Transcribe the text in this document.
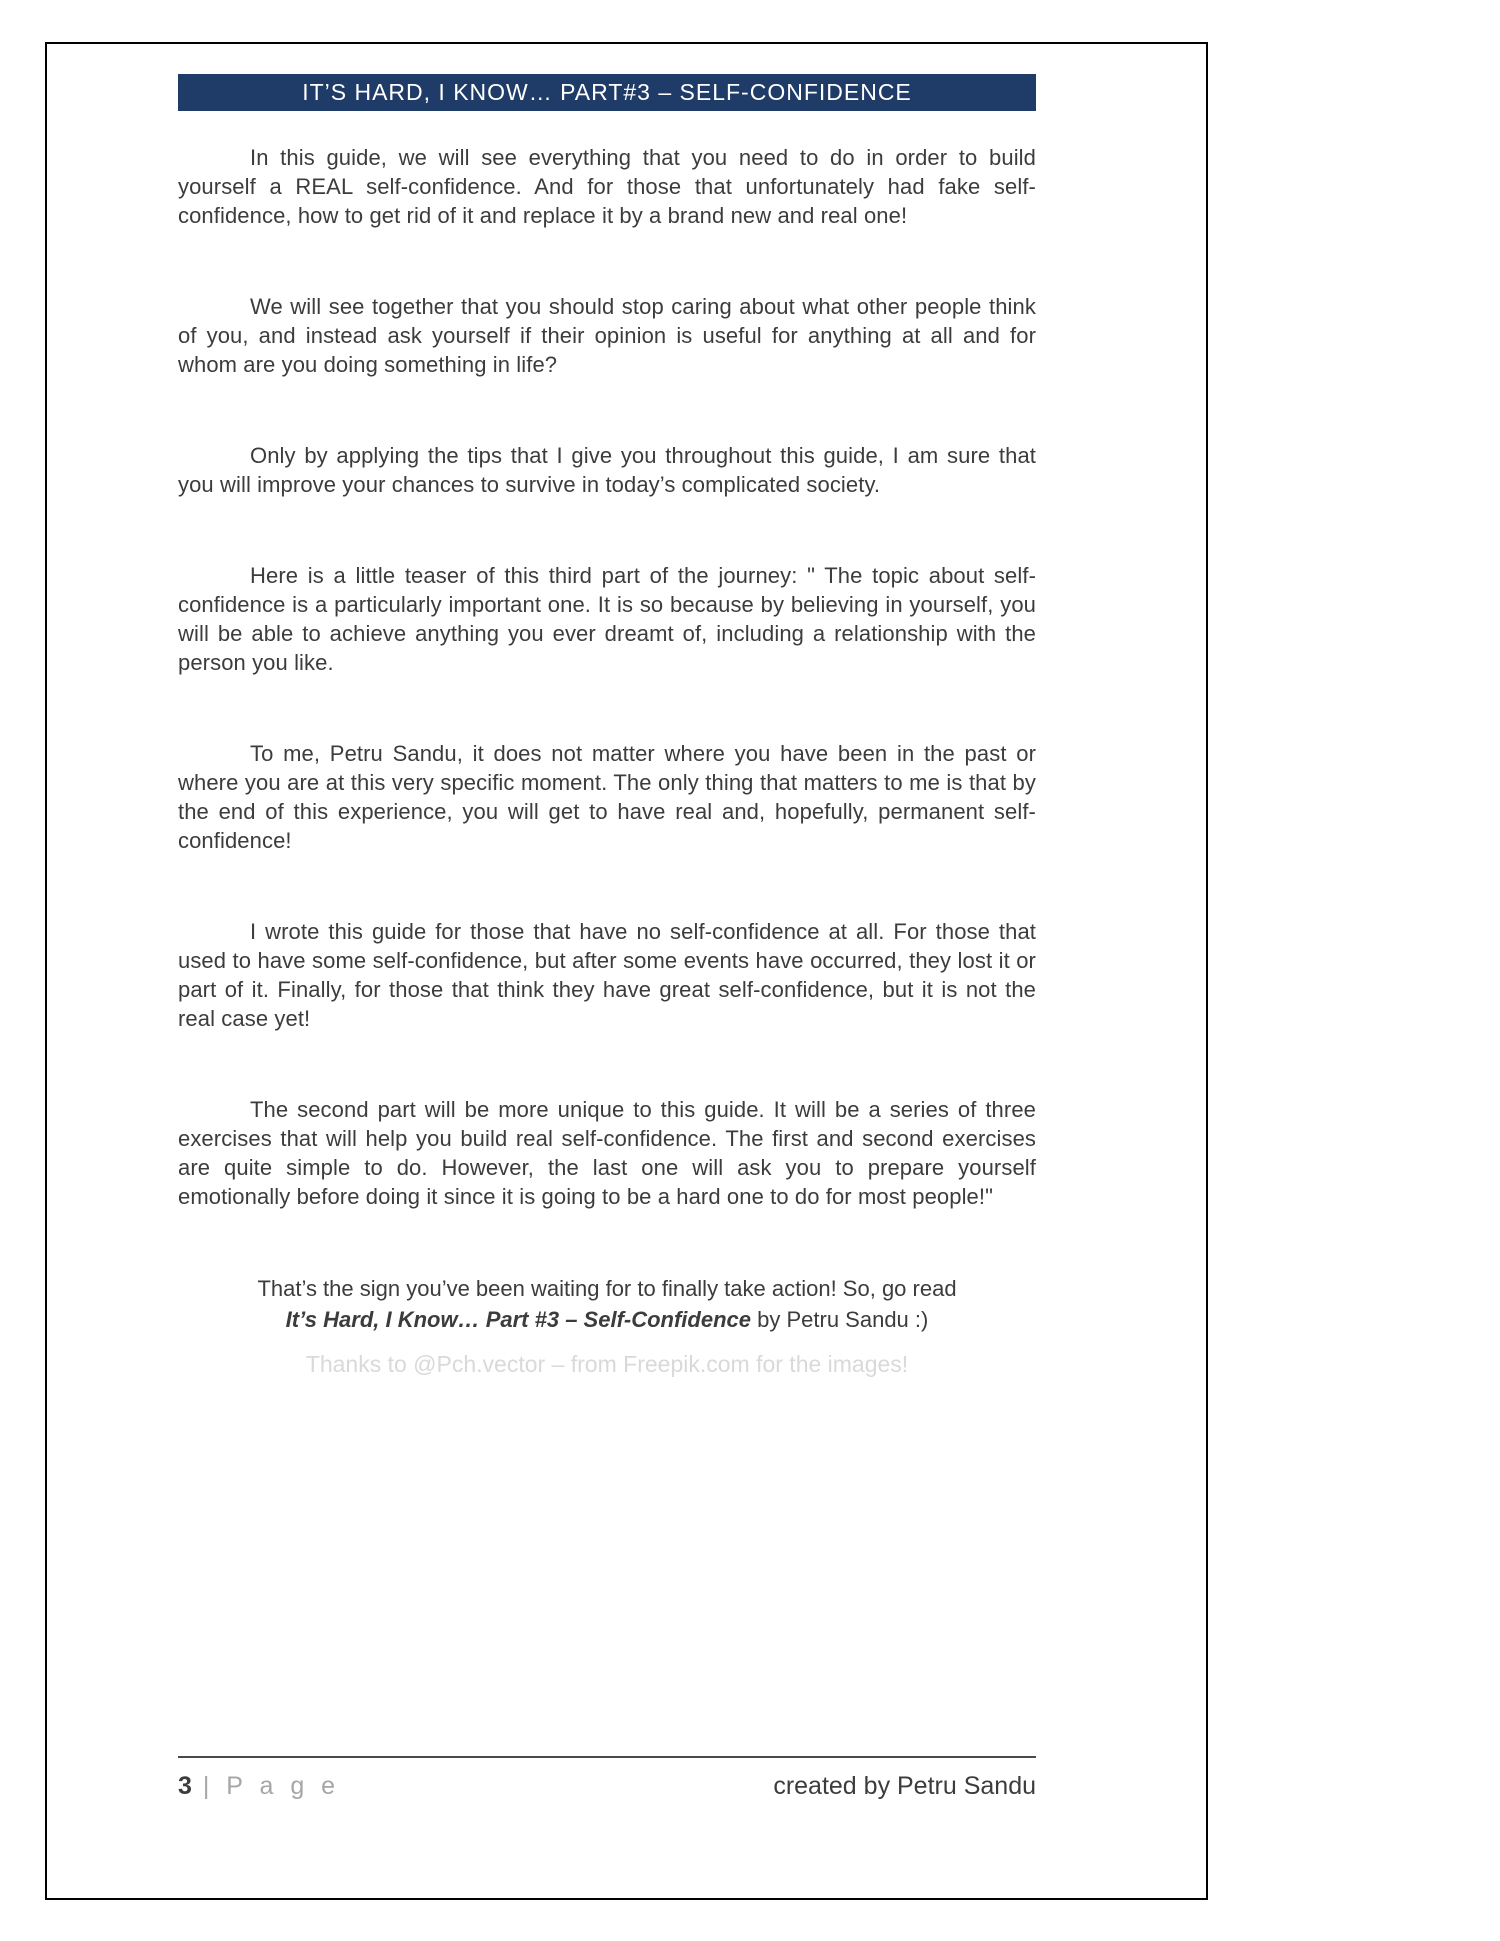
IT’S HARD, I KNOW… PART#3 – SELF-CONFIDENCE

In this guide, we will see everything that you need to do in order to build yourself a REAL self-confidence. And for those that unfortunately had fake self-confidence, how to get rid of it and replace it by a brand new and real one!

We will see together that you should stop caring about what other people think of you, and instead ask yourself if their opinion is useful for anything at all and for whom are you doing something in life?

Only by applying the tips that I give you throughout this guide, I am sure that you will improve your chances to survive in today’s complicated society.

Here is a little teaser of this third part of the journey: " The topic about self-confidence is a particularly important one. It is so because by believing in yourself, you will be able to achieve anything you ever dreamt of, including a relationship with the person you like.

To me, Petru Sandu, it does not matter where you have been in the past or where you are at this very specific moment. The only thing that matters to me is that by the end of this experience, you will get to have real and, hopefully, permanent self-confidence!

I wrote this guide for those that have no self-confidence at all. For those that used to have some self-confidence, but after some events have occurred, they lost it or part of it. Finally, for those that think they have great self-confidence, but it is not the real case yet!

The second part will be more unique to this guide. It will be a series of three exercises that will help you build real self-confidence. The first and second exercises are quite simple to do. However, the last one will ask you to prepare yourself emotionally before doing it since it is going to be a hard one to do for most people!"

That’s the sign you’ve been waiting for to finally take action! So, go read
It’s Hard, I Know… Part #3 – Self-Confidence by Petru Sandu :)

Thanks to @Pch.vector – from Freepik.com for the images!

3 | P a g e	created by Petru Sandu
